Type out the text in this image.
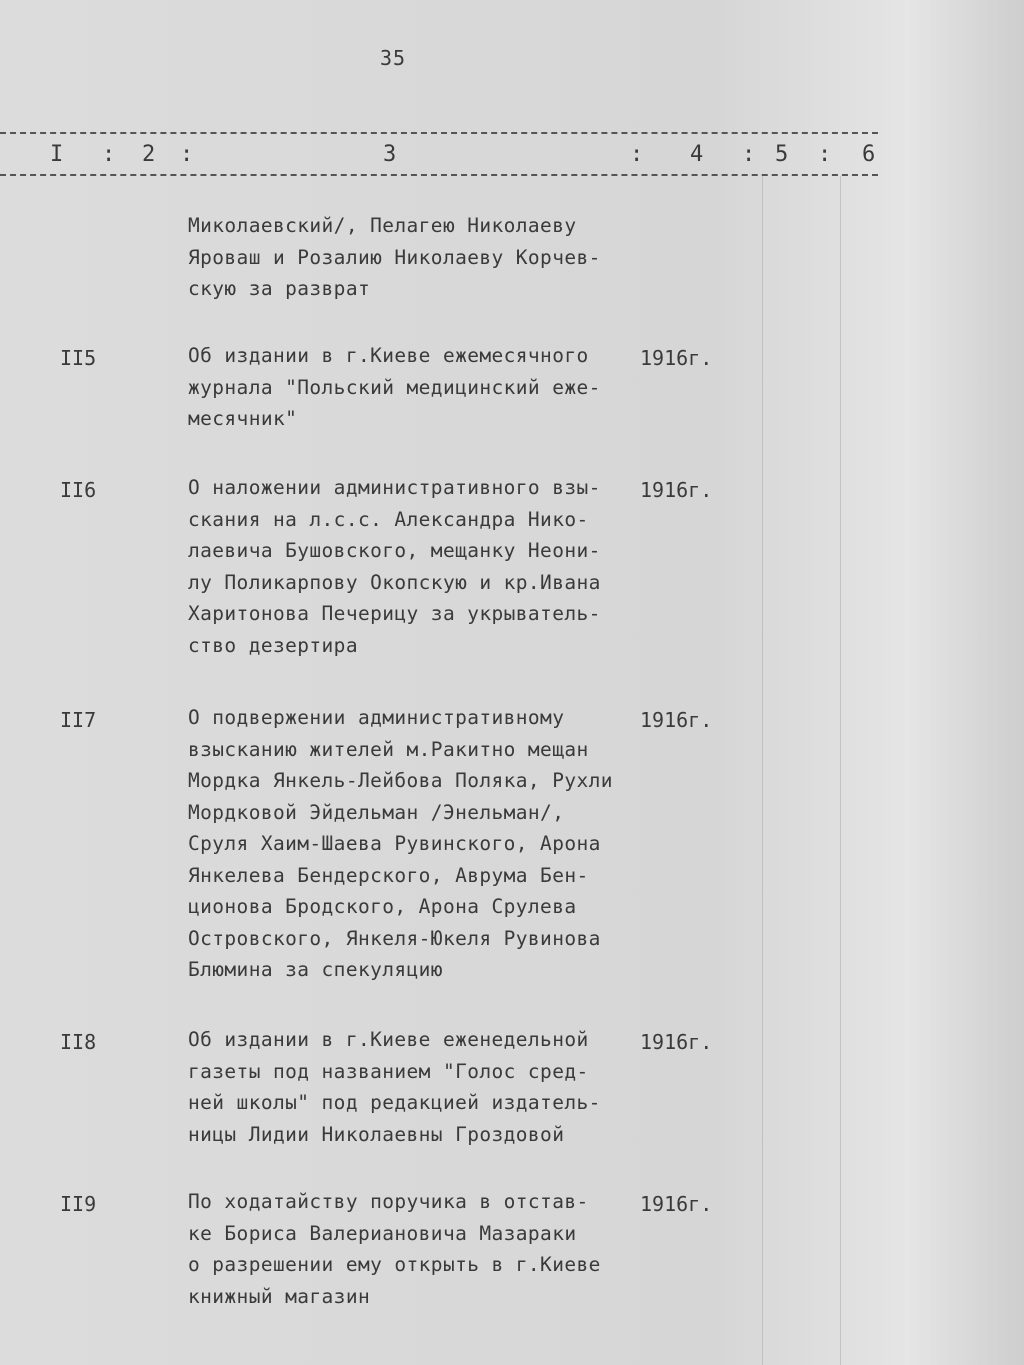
35
I : 2 :	3	: 4 : 5 : 6
Миколаевский/, Пелагею Николаеву
Яроваш и Розалию Николаеву Корчев-
скую за разврат
II5	Об издании в г.Киеве ежемесячного
журнала "Польский медицинский еже-
месячник"
1916г.
II6	О наложении административного взы-
скания на л.с.с. Александра Нико-
лаевича Бушовского, мещанку Неони-
лу Поликарпову Окопскую и кр.Ивана
Харитонова Печерицу за укрыватель-
ство дезертира
1916г.
II7	О подвержении административному
взысканию жителей м.Ракитно мещан
Мордка Янкель-Лейбова Поляка, Рухли
Мордковой Эйдельман /Энельман/,
Сруля Хаим-Шаева Рувинского, Арона
Янкелева Бендерского, Аврума Бен-
ционова Бродского, Арона Срулева
Островского, Янкеля-Юкеля Рувинова
Блюмина за спекуляцию
1916г.
II8	Об издании в г.Киеве еженедельной
газеты под названием "Голос сред-
ней школы" под редакцией издатель-
ницы Лидии Николаевны Гроздовой
1916г.
II9	По ходатайству поручика в отстав-
ке Бориса Валериановича Мазараки
о разрешении ему открыть в г.Киеве
книжный магазин
1916г.
